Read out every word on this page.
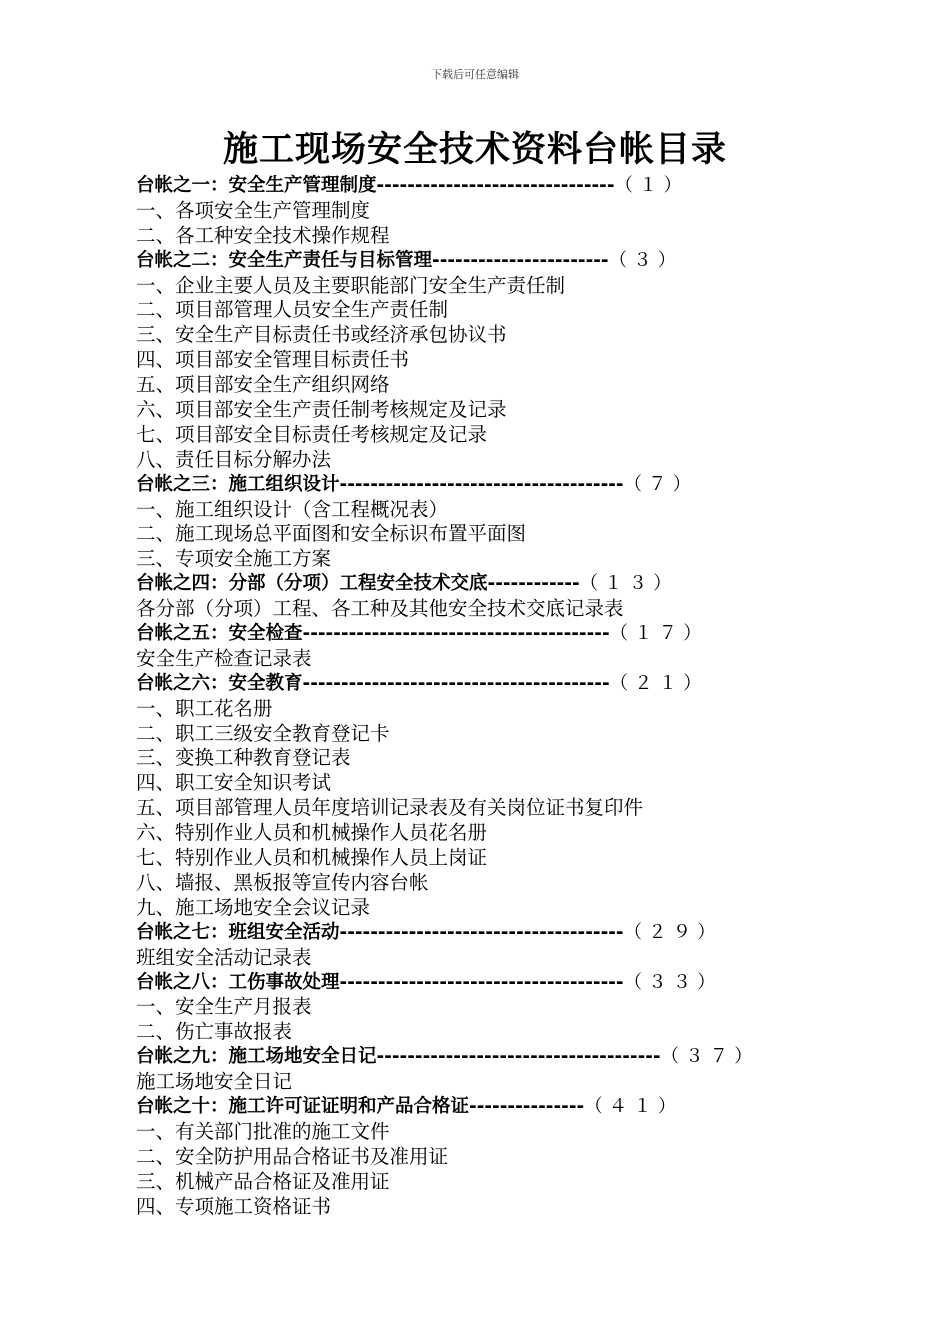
下载后可任意编辑
施工现场安全技术资料台帐目录
台帐之一：安全生产管理制度-------------------------------（１）
一、各项安全生产管理制度
二、各工种安全技术操作规程
台帐之二：安全生产责任与目标管理-----------------------（３）
一、企业主要人员及主要职能部门安全生产责任制
二、项目部管理人员安全生产责任制
三、安全生产目标责任书或经济承包协议书
四、项目部安全管理目标责任书
五、项目部安全生产组织网络
六、项目部安全生产责任制考核规定及记录
七、项目部安全目标责任考核规定及记录
八、责任目标分解办法
台帐之三：施工组织设计-------------------------------------（７）
一、施工组织设计（含工程概况表）
二、施工现场总平面图和安全标识布置平面图
三、专项安全施工方案
台帐之四：分部（分项）工程安全技术交底------------（１３）
各分部（分项）工程、各工种及其他安全技术交底记录表
台帐之五：安全检查----------------------------------------（１７）
安全生产检查记录表
台帐之六：安全教育----------------------------------------（２１）
一、职工花名册
二、职工三级安全教育登记卡
三、变换工种教育登记表
四、职工安全知识考试
五、项目部管理人员年度培训记录表及有关岗位证书复印件
六、特别作业人员和机械操作人员花名册
七、特别作业人员和机械操作人员上岗证
八、墙报、黑板报等宣传内容台帐
九、施工场地安全会议记录
台帐之七：班组安全活动-------------------------------------（２９）
班组安全活动记录表
台帐之八：工伤事故处理-------------------------------------（３３）
一、安全生产月报表
二、伤亡事故报表
台帐之九：施工场地安全日记-------------------------------------（３７）
施工场地安全日记
台帐之十：施工许可证证明和产品合格证---------------（４１）
一、有关部门批准的施工文件
二、安全防护用品合格证书及准用证
三、机械产品合格证及准用证
四、专项施工资格证书
